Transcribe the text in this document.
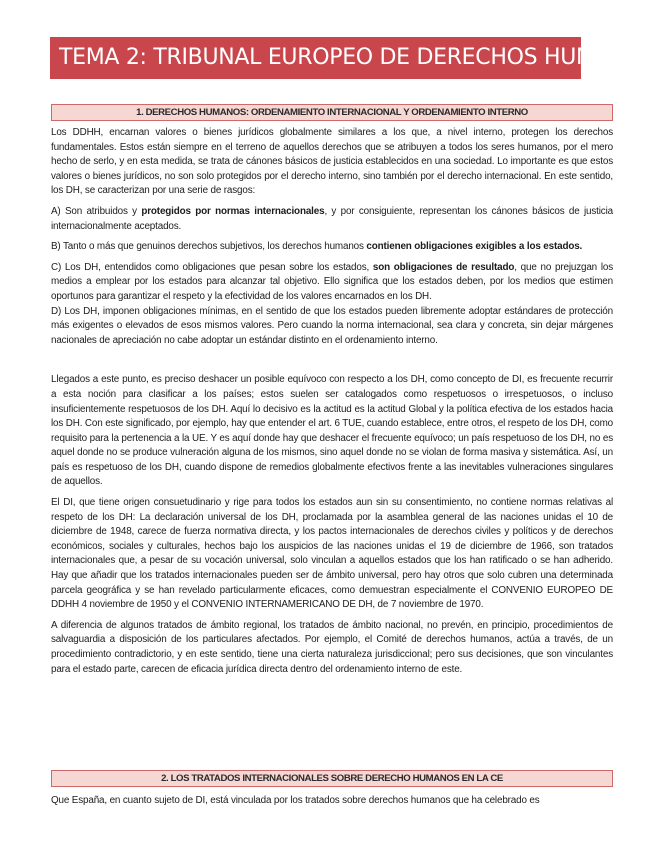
TEMA 2: TRIBUNAL EUROPEO DE DERECHOS HUMANOS
1. DERECHOS HUMANOS: ORDENAMIENTO INTERNACIONAL Y ORDENAMIENTO INTERNO

Los DDHH, encarnan valores o bienes jurídicos globalmente similares a los que, a nivel interno, protegen los derechos fundamentales. Estos están siempre en el terreno de aquellos derechos que se atribuyen a todos los seres humanos, por el mero hecho de serlo, y en esta medida, se trata de cánones básicos de justicia establecidos en una sociedad. Lo importante es que estos valores o bienes jurídicos, no son solo protegidos por el derecho interno, sino también por el derecho internacional. En este sentido, los DH, se caracterizan por una serie de rasgos:

A) Son atribuidos y protegidos por normas internacionales, y por consiguiente, representan los cánones básicos de justicia internacionalmente aceptados.

B) Tanto o más que genuinos derechos subjetivos, los derechos humanos contienen obligaciones exigibles a los estados.

C) Los DH, entendidos como obligaciones que pesan sobre los estados, son obligaciones de resultado, que no prejuzgan los medios a emplear por los estados para alcanzar tal objetivo. Ello significa que los estados deben, por los medios que estimen oportunos para garantizar el respeto y la efectividad de los valores encarnados en los DH.

D) Los DH, imponen obligaciones mínimas, en el sentido de que los estados pueden libremente adoptar estándares de protección más exigentes o elevados de esos mismos valores. Pero cuando la norma internacional, sea clara y concreta, sin dejar márgenes nacionales de apreciación no cabe adoptar un estándar distinto en el ordenamiento interno.

Llegados a este punto, es preciso deshacer un posible equívoco con respecto a los DH, como concepto de DI, es frecuente recurrir a esta noción para clasificar a los países; estos suelen ser catalogados como respetuosos o irrespetuosos, o incluso insuficientemente respetuosos de los DH. Aquí lo decisivo es la actitud es la actitud Global y la política efectiva de los estados hacia los DH. Con este significado, por ejemplo, hay que entender el art. 6 TUE, cuando establece, entre otros, el respeto de los DH, como requisito para la pertenencia a la UE. Y es aquí donde hay que deshacer el frecuente equívoco; un país respetuoso de los DH, no es aquel donde no se produce vulneración alguna de los mismos, sino aquel donde no se violan de forma masiva y sistemática. Así, un país es respetuoso de los DH, cuando dispone de remedios globalmente efectivos frente a las inevitables vulneraciones singulares de aquellos.

El DI, que tiene origen consuetudinario y rige para todos los estados aun sin su consentimiento, no contiene normas relativas al respeto de los DH: La declaración universal de los DH, proclamada por la asamblea general de las naciones unidas el 10 de diciembre de 1948, carece de fuerza normativa directa, y los pactos internacionales de derechos civiles y políticos y de derechos económicos, sociales y culturales, hechos bajo los auspicios de las naciones unidas el 19 de diciembre de 1966, son tratados internacionales que, a pesar de su vocación universal, solo vinculan a aquellos estados que los han ratificado o se han adherido. Hay que añadir que los tratados internacionales pueden ser de ámbito universal, pero hay otros que solo cubren una determinada parcela geográfica y se han revelado particularmente eficaces, como demuestran especialmente el CONVENIO EUROPEO DE DDHH 4 noviembre de 1950 y el CONVENIO INTERNAMERICANO DE DH, de 7 noviembre de 1970.

A diferencia de algunos tratados de ámbito regional, los tratados de ámbito nacional, no prevén, en principio, procedimientos de salvaguardia a disposición de los particulares afectados. Por ejemplo, el Comité de derechos humanos, actúa a través, de un procedimiento contradictorio, y en este sentido, tiene una cierta naturaleza jurisdiccional; pero sus decisiones, que son vinculantes para el estado parte, carecen de eficacia jurídica directa dentro del ordenamiento interno de este.

2. LOS TRATADOS INTERNACIONALES SOBRE DERECHO HUMANOS EN LA CE

Que España, en cuanto sujeto de DI, está vinculada por los tratados sobre derechos humanos que ha celebrado es
